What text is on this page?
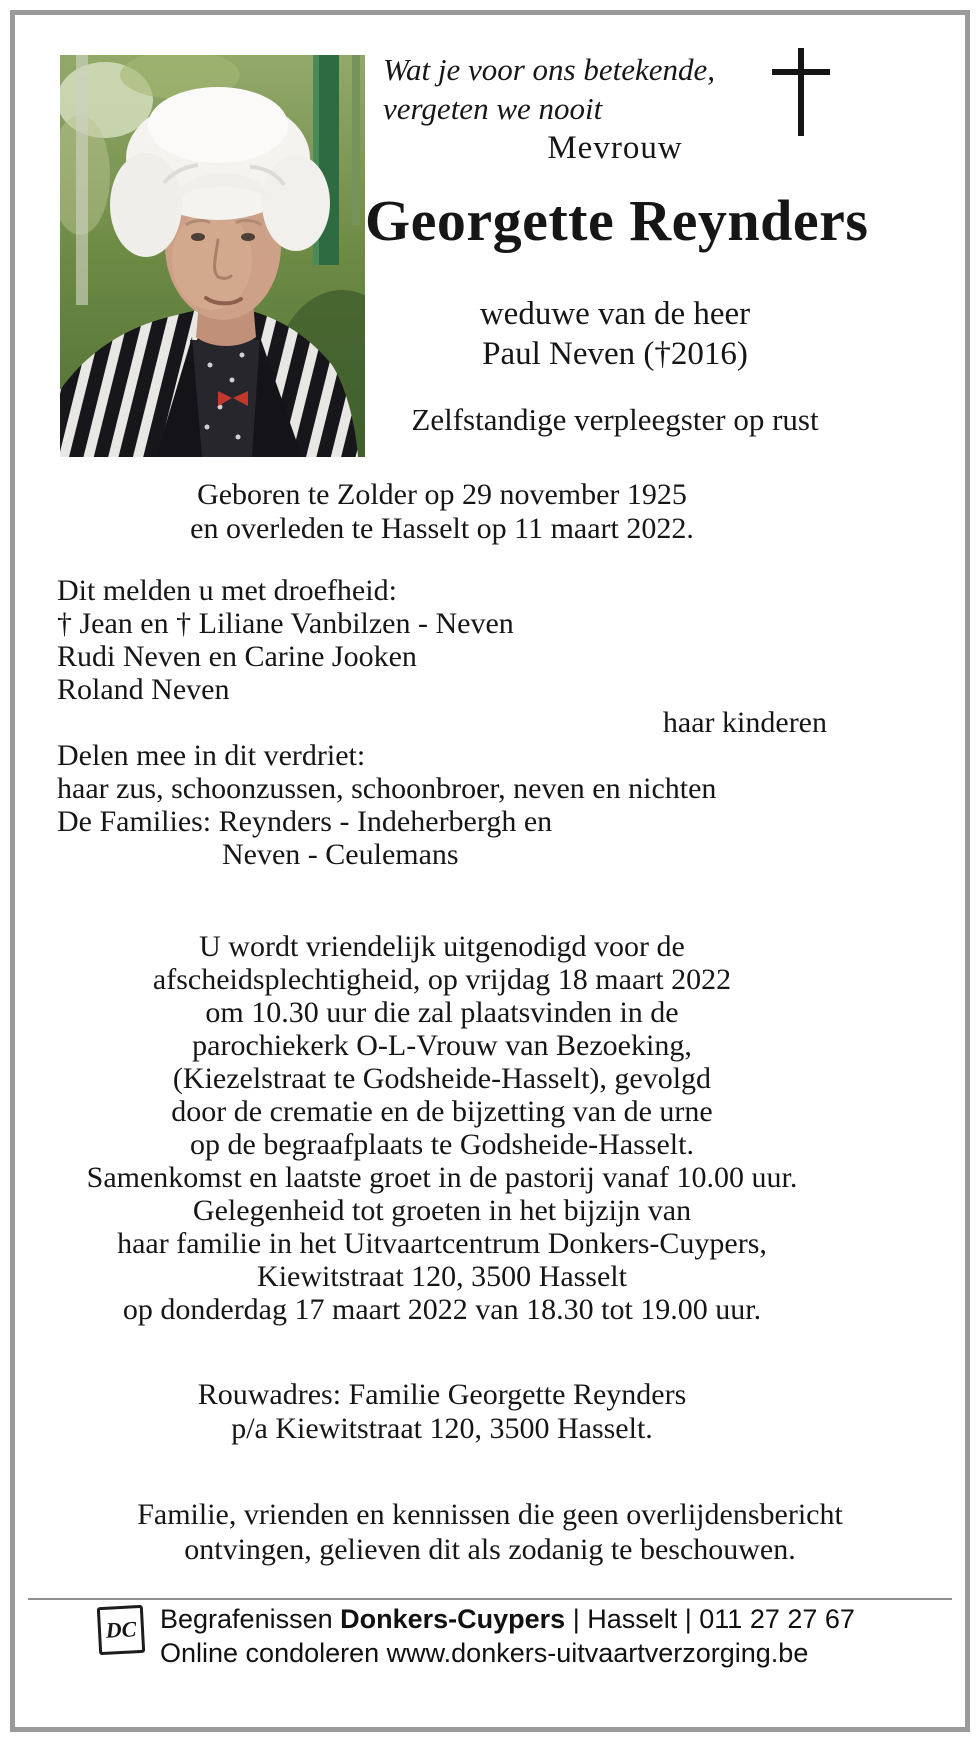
Wat je voor ons betekende,
vergeten we nooit
Mevrouw
Georgette Reynders
weduwe van de heer
Paul Neven (†2016)
Zelfstandige verpleegster op rust
Geboren te Zolder op 29 november 1925
en overleden te Hasselt op 11 maart 2022.
Dit melden u met droefheid:
† Jean en † Liliane Vanbilzen - Neven
Rudi Neven en Carine Jooken
Roland Neven
haar kinderen
Delen mee in dit verdriet:
haar zus, schoonzussen, schoonbroer, neven en nichten
De Families: Reynders - Indeherbergh en
Neven - Ceulemans
U wordt vriendelijk uitgenodigd voor de
afscheidsplechtigheid, op vrijdag 18 maart 2022
om 10.30 uur die zal plaatsvinden in de
parochiekerk O-L-Vrouw van Bezoeking,
(Kiezelstraat te Godsheide-Hasselt), gevolgd
door de crematie en de bijzetting van de urne
op de begraafplaats te Godsheide-Hasselt.
Samenkomst en laatste groet in de pastorij vanaf 10.00 uur.
Gelegenheid tot groeten in het bijzijn van
haar familie in het Uitvaartcentrum Donkers-Cuypers,
Kiewitstraat 120, 3500 Hasselt
op donderdag 17 maart 2022 van 18.30 tot 19.00 uur.
Rouwadres: Familie Georgette Reynders
p/a Kiewitstraat 120, 3500 Hasselt.
Familie, vrienden en kennissen die geen overlijdensbericht
ontvingen, gelieven dit als zodanig te beschouwen.
DC Begrafenissen Donkers-Cuypers | Hasselt | 011 27 27 67
Online condoleren www.donkers-uitvaartverzorging.be
